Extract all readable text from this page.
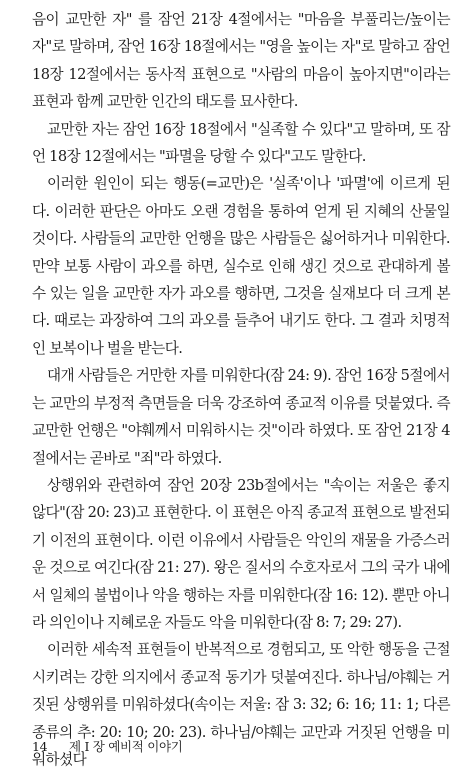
음이 교만한 자" 를 잠언 21장 4절에서는 "마음을 부풀리는/높이는 자"로 말하며, 잠언 16장 18절에서는 "영을 높이는 자"로 말하고 잠언 18장 12절에서는 동사적 표현으로 "사람의 마음이 높아지면"이라는 표현과 함께 교만한 인간의 태도를 묘사한다.

교만한 자는 잠언 16장 18절에서 "실족할 수 있다"고 말하며, 또 잠언 18장 12절에서는 "파멸을 당할 수 있다"고도 말한다.

이러한 원인이 되는 행동(=교만)은 '실족'이나 '파멸'에 이르게 된다. 이러한 판단은 아마도 오랜 경험을 통하여 얻게 된 지혜의 산물일 것이다. 사람들의 교만한 언행을 많은 사람들은 싫어하거나 미워한다. 만약 보통 사람이 과오를 하면, 실수로 인해 생긴 것으로 관대하게 볼 수 있는 일을 교만한 자가 과오를 행하면, 그것을 실재보다 더 크게 본다. 때로는 과장하여 그의 과오를 들추어 내기도 한다. 그 결과 치명적인 보복이나 벌을 받는다.

대개 사람들은 거만한 자를 미워한다(잠 24: 9). 잠언 16장 5절에서는 교만의 부정적 측면들을 더욱 강조하여 종교적 이유를 덧붙였다. 즉 교만한 언행은 "야훼께서 미워하시는 것"이라 하였다. 또 잠언 21장 4절에서는 곧바로 "죄"라 하였다.

상행위와 관련하여 잠언 20장 23b절에서는 "속이는 저울은 좋지 않다"(잠 20: 23)고 표현한다. 이 표현은 아직 종교적 표현으로 발전되기 이전의 표현이다. 이런 이유에서 사람들은 악인의 재물을 가증스러운 것으로 여긴다(잠 21: 27). 왕은 질서의 수호자로서 그의 국가 내에서 일체의 불법이나 악을 행하는 자를 미워한다(잠 16: 12). 뿐만 아니라 의인이나 지혜로운 자들도 악을 미워한다(잠 8: 7; 29: 27).

이러한 세속적 표현들이 반복적으로 경험되고, 또 악한 행동을 근절시키려는 강한 의지에서 종교적 동기가 덧붙여진다. 하나님/야훼는 거짓된 상행위를 미워하셨다(속이는 저울: 잠 3: 32; 6: 16; 11: 1; 다른 종류의 추: 20: 10; 20: 23). 하나님/야훼는 교만과 거짓된 언행을 미워하셨다

14 제 I 장 예비적 이야기
